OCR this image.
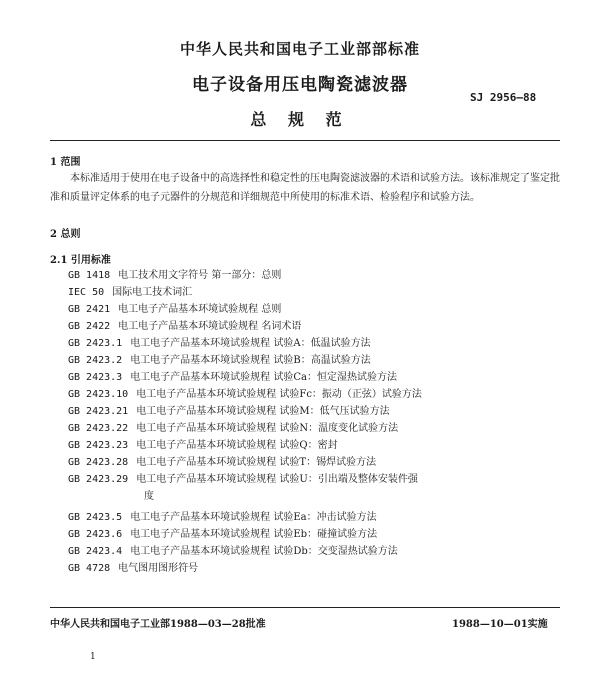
中华人民共和国电子工业部部标准
电子设备用压电陶瓷滤波器
SJ 2956—88
总 规 范
1 范围
本标准适用于使用在电子设备中的高选择性和稳定性的压电陶瓷滤波器的术语和试验方法。该标准规定了鉴定批准和质量评定体系的电子元器件的分规范和详细规范中所使用的标准术语、检验程序和试验方法。
2 总则
2.1 引用标准
GB 1418 电工技术用文字符号 第一部分：总则
IEC 50 国际电工技术词汇
GB 2421 电工电子产品基本环境试验规程 总则
GB 2422 电工电子产品基本环境试验规程 名词术语
GB 2423.1 电工电子产品基本环境试验规程 试验A：低温试验方法
GB 2423.2 电工电子产品基本环境试验规程 试验B：高温试验方法
GB 2423.3 电工电子产品基本环境试验规程 试验Ca：恒定湿热试验方法
GB 2423.10 电工电子产品基本环境试验规程 试验Fc：振动（正弦）试验方法
GB 2423.21 电工电子产品基本环境试验规程 试验M：低气压试验方法
GB 2423.22 电工电子产品基本环境试验规程 试验N：温度变化试验方法
GB 2423.23 电工电子产品基本环境试验规程 试验Q：密封
GB 2423.28 电工电子产品基本环境试验规程 试验T：锡焊试验方法
GB 2423.29 电工电子产品基本环境试验规程 试验U：引出端及整体安装件强
度
GB 2423.5 电工电子产品基本环境试验规程 试验Ea：冲击试验方法
GB 2423.6 电工电子产品基本环境试验规程 试验Eb：碰撞试验方法
GB 2423.4 电工电子产品基本环境试验规程 试验Db：交变湿热试验方法
GB 4728 电气图用图形符号
中华人民共和国电子工业部1988—03—28批准	1988—10—01实施
1
